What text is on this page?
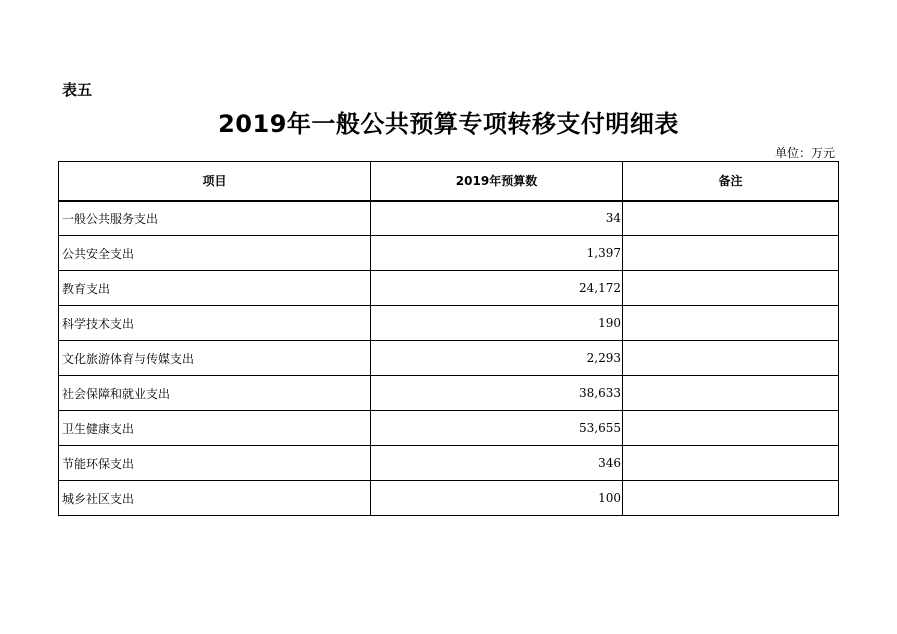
表五
2019年一般公共预算专项转移支付明细表
单位：万元
项目	2019年预算数	备注
一般公共服务支出	34	
公共安全支出	1,397	
教育支出	24,172	
科学技术支出	190	
文化旅游体育与传媒支出	2,293	
社会保障和就业支出	38,633	
卫生健康支出	53,655	
节能环保支出	346	
城乡社区支出	100	
